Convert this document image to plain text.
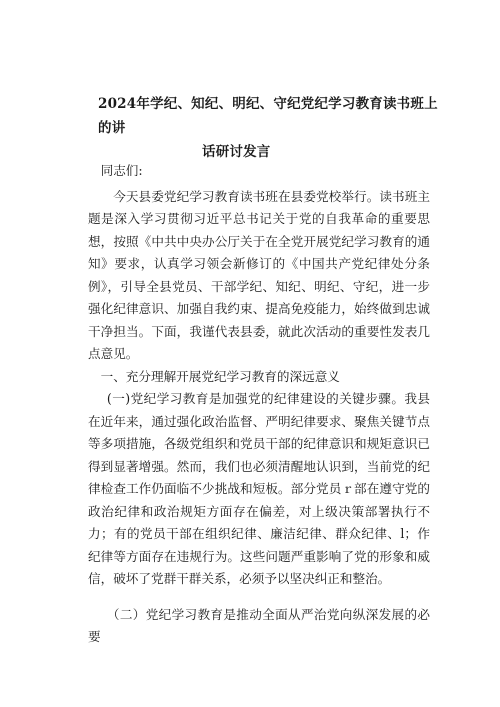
2024年学纪、知纪、明纪、守纪党纪学习教育读书班上的讲
话研讨发言

同志们:

今天县委党纪学习教育读书班在县委党校举行。读书班主题是深入学习贯彻习近平总书记关于党的自我革命的重要思想，按照《中共中央办公厅关于在全党开展党纪学习教育的通知》要求，认真学习领会新修订的《中国共产党纪律处分条例》，引导全县党员、干部学纪、知纪、明纪、守纪，进一步强化纪律意识、加强自我约束、提高免疫能力，始终做到忠诚干净担当。下面，我谨代表县委，就此次活动的重要性发表几点意见。

一、充分理解开展党纪学习教育的深远意义

(一)党纪学习教育是加强党的纪律建设的关键步骤。我县在近年来，通过强化政治监督、严明纪律要求、聚焦关键节点等多项措施，各级党组织和党员干部的纪律意识和规矩意识已得到显著增强。然而，我们也必须清醒地认识到，当前党的纪律检查工作仍面临不少挑战和短板。部分党员ｒ部在遵守党的政治纪律和政治规矩方面存在偏差，对上级决策部署执行不力；有的党员干部在组织纪律、廉洁纪律、群众纪律、l；作纪律等方面存在违规行为。这些问题严重影响了党的形象和威信，破坏了党群干群关系，必须予以坚决纠正和整治。

（二）党纪学习教育是推动全面从严治党向纵深发展的必要
